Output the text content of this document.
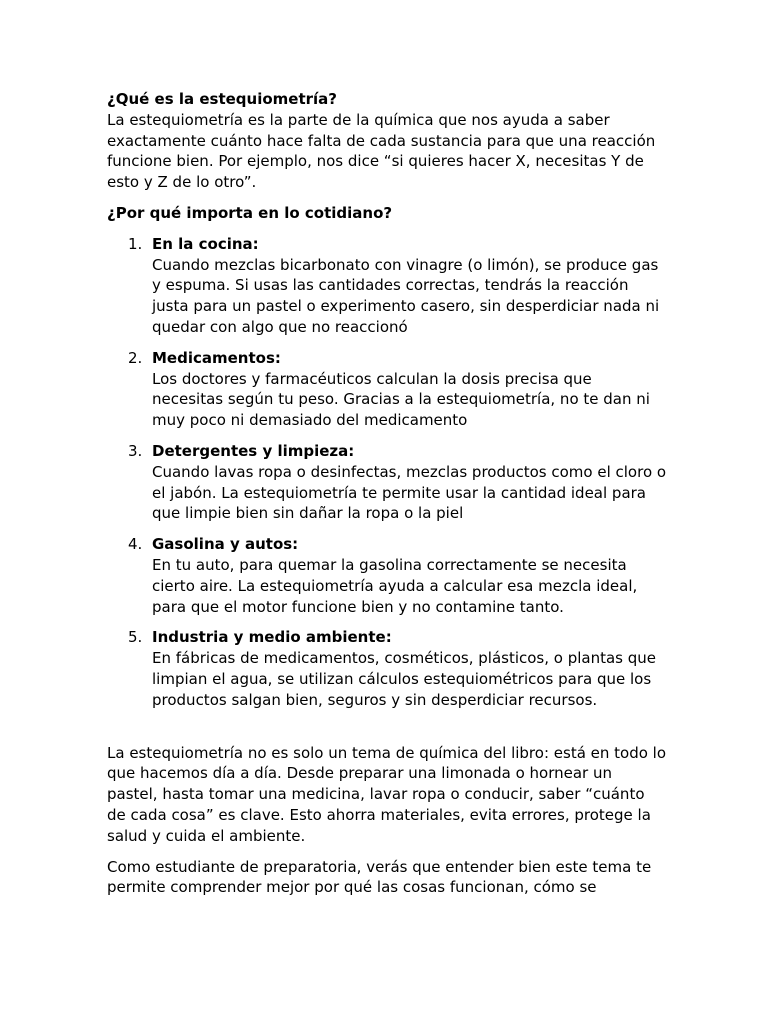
¿Qué es la estequiometría?

La estequiometría es la parte de la química que nos ayuda a saber exactamente cuánto hace falta de cada sustancia para que una reacción funcione bien. Por ejemplo, nos dice “si quieres hacer X, necesitas Y de esto y Z de lo otro”.

¿Por qué importa en lo cotidiano?
1. En la cocina:
Cuando mezclas bicarbonato con vinagre (o limón), se produce gas y espuma. Si usas las cantidades correctas, tendrás la reacción justa para un pastel o experimento casero, sin desperdiciar nada ni quedar con algo que no reaccionó
2. Medicamentos:
Los doctores y farmacéuticos calculan la dosis precisa que necesitas según tu peso. Gracias a la estequiometría, no te dan ni muy poco ni demasiado del medicamento
3. Detergentes y limpieza:
Cuando lavas ropa o desinfectas, mezclas productos como el cloro o el jabón. La estequiometría te permite usar la cantidad ideal para que limpie bien sin dañar la ropa o la piel
4. Gasolina y autos:
En tu auto, para quemar la gasolina correctamente se necesita cierto aire. La estequiometría ayuda a calcular esa mezcla ideal, para que el motor funcione bien y no contamine tanto.
5. Industria y medio ambiente:
En fábricas de medicamentos, cosméticos, plásticos, o plantas que limpian el agua, se utilizan cálculos estequiométricos para que los productos salgan bien, seguros y sin desperdiciar recursos.

La estequiometría no es solo un tema de química del libro: está en todo lo que hacemos día a día. Desde preparar una limonada o hornear un pastel, hasta tomar una medicina, lavar ropa o conducir, saber “cuánto de cada cosa” es clave. Esto ahorra materiales, evita errores, protege la salud y cuida el ambiente.

Como estudiante de preparatoria, verás que entender bien este tema te permite comprender mejor por qué las cosas funcionan, cómo se
